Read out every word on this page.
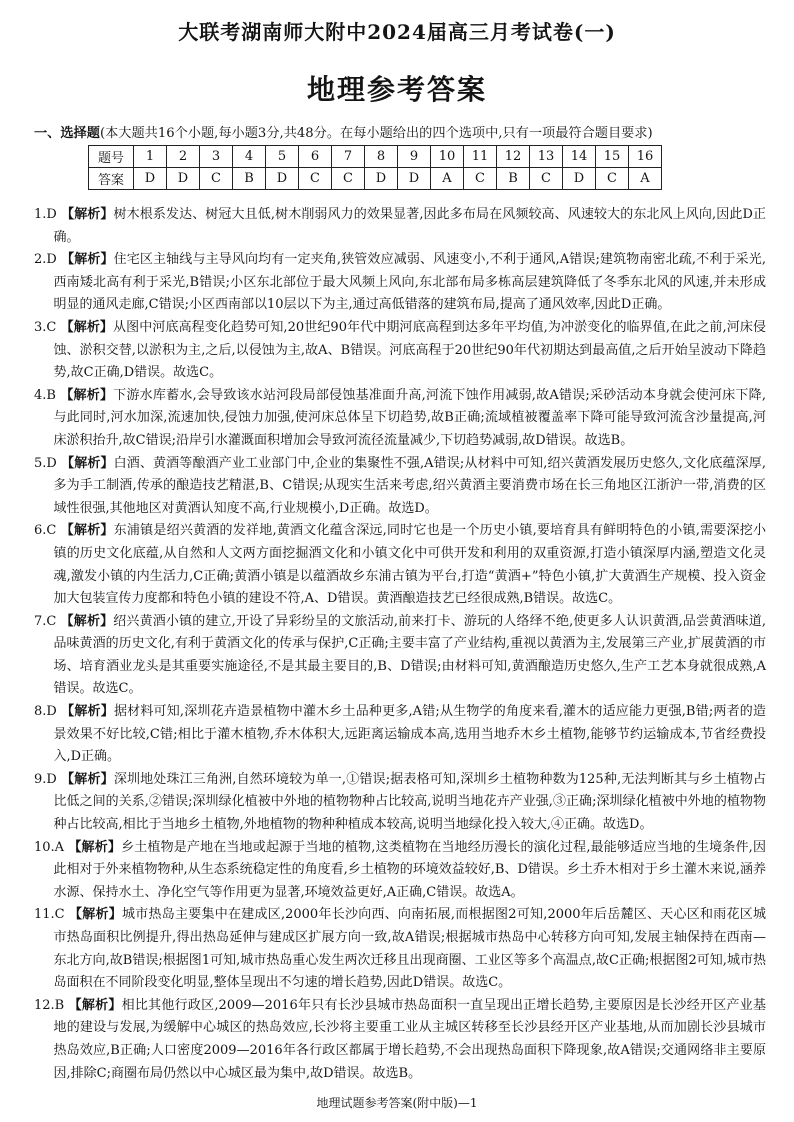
大联考湖南师大附中2024届高三月考试卷(一)
地理参考答案
一、选择题(本大题共16个小题,每小题3分,共48分。在每小题给出的四个选项中,只有一项最符合题目要求)
题号	1	2	3	4	5	6	7	8	9	10	11	12	13	14	15	16
答案	D	D	C	B	D	C	C	D	D	A	C	B	C	D	C	A

1.D 【解析】树木根系发达、树冠大且低,树木削弱风力的效果显著,因此多布局在风频较高、风速较大的东北风上风向,因此D正确。

2.D 【解析】住宅区主轴线与主导风向均有一定夹角,狭管效应减弱、风速变小,不利于通风,A错误;建筑物南密北疏,不利于采光,西南矮北高有利于采光,B错误;小区东北部位于最大风频上风向,东北部布局多栋高层建筑降低了冬季东北风的风速,并未形成明显的通风走廊,C错误;小区西南部以10层以下为主,通过高低错落的建筑布局,提高了通风效率,因此D正确。

3.C 【解析】从图中河底高程变化趋势可知,20世纪90年代中期河底高程到达多年平均值,为冲淤变化的临界值,在此之前,河床侵蚀、淤积交替,以淤积为主,之后,以侵蚀为主,故A、B错误。河底高程于20世纪90年代初期达到最高值,之后开始呈波动下降趋势,故C正确,D错误。故选C。

4.B 【解析】下游水库蓄水,会导致该水站河段局部侵蚀基准面升高,河流下蚀作用减弱,故A错误;采砂活动本身就会使河床下降,与此同时,河水加深,流速加快,侵蚀力加强,使河床总体呈下切趋势,故B正确;流域植被覆盖率下降可能导致河流含沙量提高,河床淤积抬升,故C错误;沿岸引水灌溉面积增加会导致河流径流量减少,下切趋势减弱,故D错误。故选B。

5.D 【解析】白酒、黄酒等酿酒产业工业部门中,企业的集聚性不强,A错误;从材料中可知,绍兴黄酒发展历史悠久,文化底蕴深厚,多为手工制酒,传承的酿造技艺精湛,B、C错误;从现实生活来考虑,绍兴黄酒主要消费市场在长三角地区江浙沪一带,消费的区域性很强,其他地区对黄酒认知度不高,行业规模小,D正确。故选D。

6.C 【解析】东浦镇是绍兴黄酒的发祥地,黄酒文化蕴含深远,同时它也是一个历史小镇,要培育具有鲜明特色的小镇,需要深挖小镇的历史文化底蕴,从自然和人文两方面挖掘酒文化和小镇文化中可供开发和利用的双重资源,打造小镇深厚内涵,塑造文化灵魂,激发小镇的内生活力,C正确;黄酒小镇是以蕴酒故乡东浦古镇为平台,打造“黄酒+”特色小镇,扩大黄酒生产规模、投入资金加大包装宣传力度都和特色小镇的建设不符,A、D错误。黄酒酿造技艺已经很成熟,B错误。故选C。

7.C 【解析】绍兴黄酒小镇的建立,开设了异彩纷呈的文旅活动,前来打卡、游玩的人络绎不绝,使更多人认识黄酒,品尝黄酒味道,品味黄酒的历史文化,有利于黄酒文化的传承与保护,C正确;主要丰富了产业结构,重视以黄酒为主,发展第三产业,扩展黄酒的市场、培育酒业龙头是其重要实施途径,不是其最主要目的,B、D错误;由材料可知,黄酒酿造历史悠久,生产工艺本身就很成熟,A错误。故选C。

8.D 【解析】据材料可知,深圳花卉造景植物中灌木乡土品种更多,A错;从生物学的角度来看,灌木的适应能力更强,B错;两者的造景效果不好比较,C错;相比于灌木植物,乔木体积大,远距离运输成本高,选用当地乔木乡土植物,能够节约运输成本,节省经费投入,D正确。

9.D 【解析】深圳地处珠江三角洲,自然环境较为单一,①错误;据表格可知,深圳乡土植物种数为125种,无法判断其与乡土植物占比低之间的关系,②错误;深圳绿化植被中外地的植物物种占比较高,说明当地花卉产业强,③正确;深圳绿化植被中外地的植物物种占比较高,相比于当地乡土植物,外地植物的物种种植成本较高,说明当地绿化投入较大,④正确。故选D。

10.A 【解析】乡土植物是产地在当地或起源于当地的植物,这类植物在当地经历漫长的演化过程,最能够适应当地的生境条件,因此相对于外来植物物种,从生态系统稳定性的角度看,乡土植物的环境效益较好,B、D错误。乡土乔木相对于乡土灌木来说,涵养水源、保持水土、净化空气等作用更为显著,环境效益更好,A正确,C错误。故选A。

11.C 【解析】城市热岛主要集中在建成区,2000年长沙向西、向南拓展,而根据图2可知,2000年后岳麓区、天心区和雨花区城市热岛面积比例提升,得出热岛延伸与建成区扩展方向一致,故A错误;根据城市热岛中心转移方向可知,发展主轴保持在西南—东北方向,故B错误;根据图1可知,城市热岛重心发生两次迁移且出现商圈、工业区等多个高温点,故C正确;根据图2可知,城市热岛面积在不同阶段变化明显,整体呈现出不匀速的增长趋势,因此D错误。故选C。

12.B 【解析】相比其他行政区,2009—2016年只有长沙县城市热岛面积一直呈现出正增长趋势,主要原因是长沙经开区产业基地的建设与发展,为缓解中心城区的热岛效应,长沙将主要重工业从主城区转移至长沙县经开区产业基地,从而加剧长沙县城市热岛效应,B正确;人口密度2009—2016年各行政区都属于增长趋势,不会出现热岛面积下降现象,故A错误;交通网络非主要原因,排除C;商圈布局仍然以中心城区最为集中,故D错误。故选B。

地理试题参考答案(附中版)—1
